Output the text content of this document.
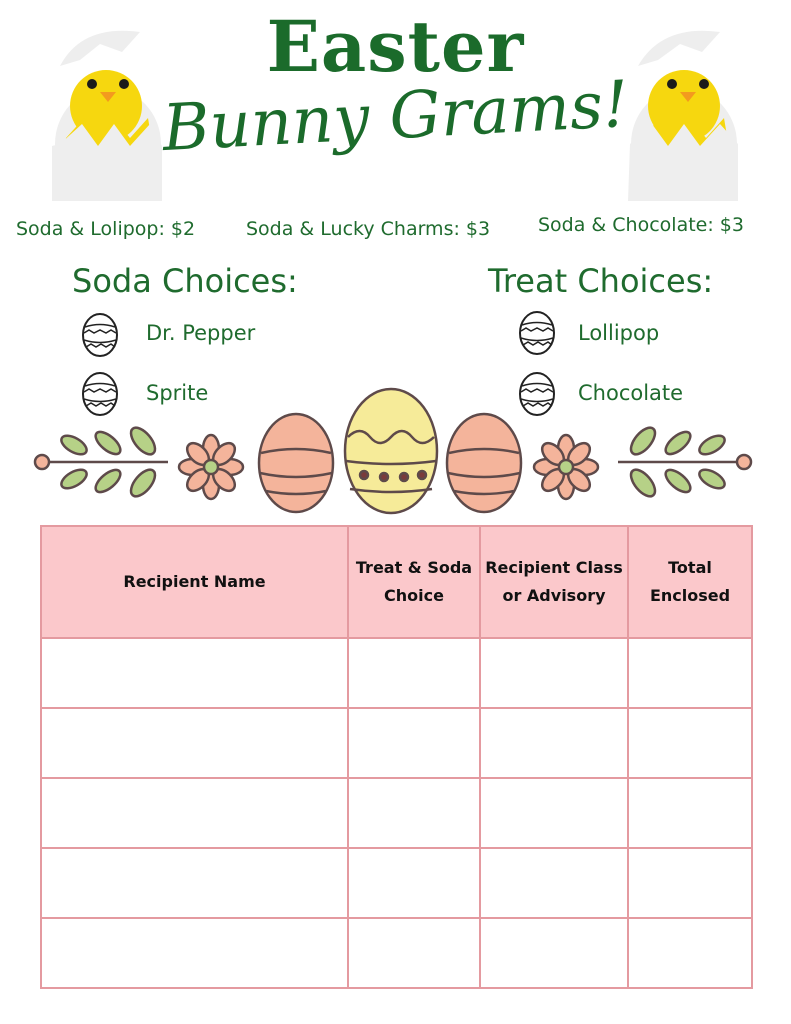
Easter
Bunny Grams!
Soda & Lolipop: $2	Soda & Lucky Charms: $3	Soda & Chocolate: $3
Soda Choices:	Treat Choices:
Dr. Pepper
Sprite
Lollipop
Chocolate
Recipient Name	Treat & Soda Choice	Recipient Class or Advisory	Total Enclosed
